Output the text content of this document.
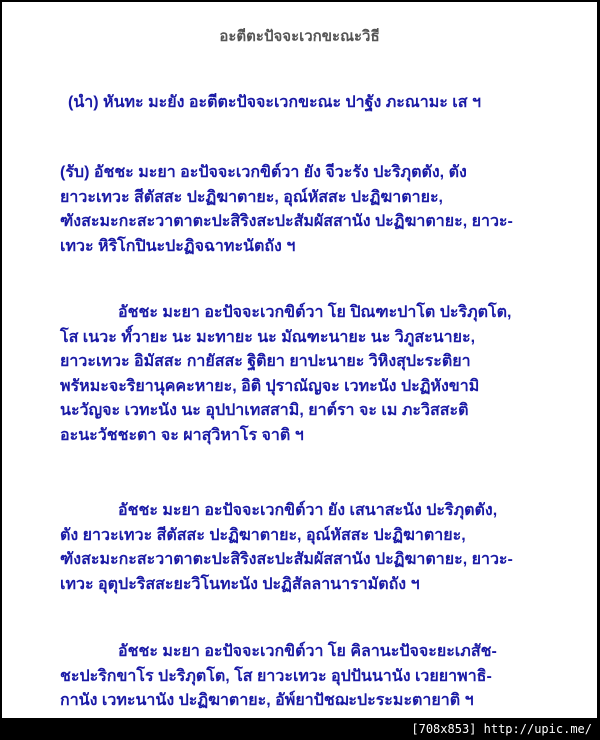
อะตีตะปัจจะเวกขะณะวิธี
(นำ) หันทะ มะยัง อะตีตะปัจจะเวกขะณะ ปาฐัง ภะณามะ เส ฯ
(รับ) อัชชะ มะยา อะปัจจะเวกขิต์วา ยัง จีวะรัง ปะริภุตตัง, ตัง
ยาวะเทวะ สีตัสสะ ปะฏิฆาตายะ, อุณ์หัสสะ ปะฏิฆาตายะ,
ฑังสะมะกะสะวาตาตะปะสิริงสะปะสัมผัสสานัง ปะฏิฆาตายะ, ยาวะ-
เทวะ หิริโกปินะปะฏิจฉาทะนัตถัง ฯ
อัชชะ มะยา อะปัจจะเวกขิต์วา โย ปิณฑะปาโต ปะริภุตโต,
โส เนวะ ทั์วายะ นะ มะทายะ นะ มัณฑะนายะ นะ วิภูสะนายะ,
ยาวะเทวะ อิมัสสะ กายัสสะ ฐิติยา ยาปะนายะ วิหิงสุปะระติยา
พรัหมะจะริยานุคคะหายะ, อิติ ปุราณัญจะ เวทะนัง ปะฏิหังขามิ
นะวัญจะ เวทะนัง นะ อุปปาเทสสามิ, ยาต์รา จะ เม ภะวิสสะติ
อะนะวัชชะตา จะ ผาสุวิหาโร จาติ ฯ
อัชชะ มะยา อะปัจจะเวกขิต์วา ยัง เสนาสะนัง ปะริภุตตัง,
ตัง ยาวะเทวะ สีตัสสะ ปะฏิฆาตายะ, อุณ์หัสสะ ปะฏิฆาตายะ,
ฑังสะมะกะสะวาตาตะปะสิริงสะปะสัมผัสสานัง ปะฏิฆาตายะ, ยาวะ-
เทวะ อุตุปะริสสะยะวิโนทะนัง ปะฏิสัลลานารามัตถัง ฯ
อัชชะ มะยา อะปัจจะเวกขิต์วา โย คิลานะปัจจะยะเภสัช-
ชะปะริกขาโร ปะริภุตโต, โส ยาวะเทวะ อุปปันนานัง เวยยาพาธิ-
กานัง เวทะนานัง ปะฏิฆาตายะ, อัพ์ยาปัชฌะปะระมะตายาติ ฯ
[708x853] http://upic.me/
